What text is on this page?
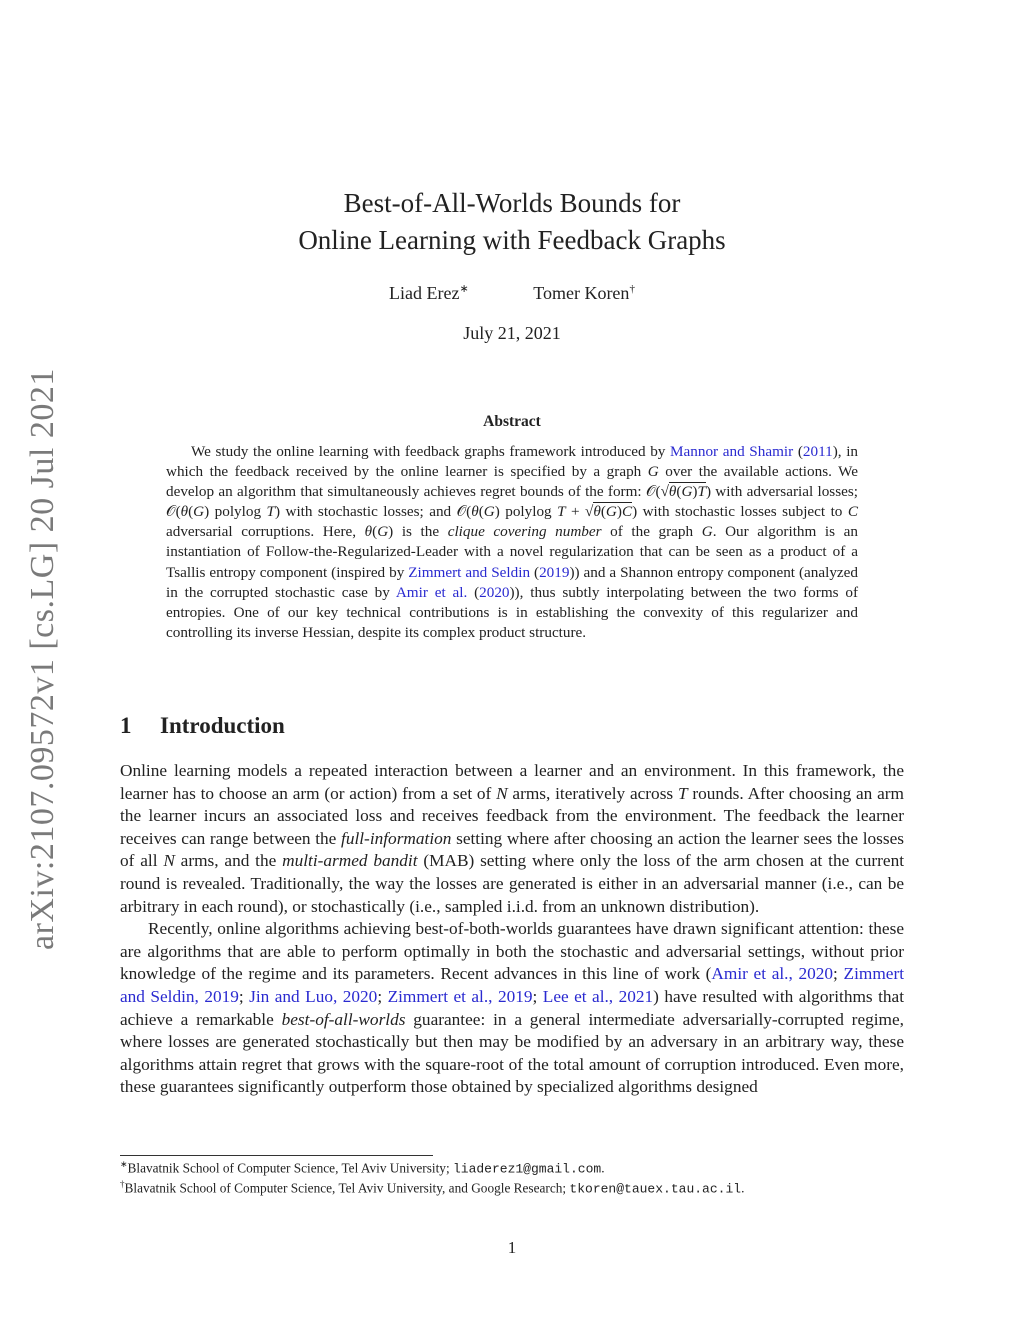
arXiv:2107.09572v1 [cs.LG] 20 Jul 2021
Best-of-All-Worlds Bounds for
Online Learning with Feedback Graphs
Liad Erez∗	Tomer Koren†
July 21, 2021
Abstract

We study the online learning with feedback graphs framework introduced by Mannor and Shamir (2011), in which the feedback received by the online learner is specified by a graph G over the available actions. We develop an algorithm that simultaneously achieves regret bounds of the form: 𝒪(√θ(G)T) with adversarial losses; 𝒪(θ(G) polylog T) with stochastic losses; and 𝒪(θ(G) polylog T + √θ(G)C) with stochastic losses subject to C adversarial corruptions. Here, θ(G) is the clique covering number of the graph G. Our algorithm is an instantiation of Follow-the-Regularized-Leader with a novel regularization that can be seen as a product of a Tsallis entropy component (inspired by Zimmert and Seldin (2019)) and a Shannon entropy component (analyzed in the corrupted stochastic case by Amir et al. (2020)), thus subtly interpolating between the two forms of entropies. One of our key technical contributions is in establishing the convexity of this regularizer and controlling its inverse Hessian, despite its complex product structure.

1 Introduction

Online learning models a repeated interaction between a learner and an environment. In this framework, the learner has to choose an arm (or action) from a set of N arms, iteratively across T rounds. After choosing an arm the learner incurs an associated loss and receives feedback from the environment. The feedback the learner receives can range between the full-information setting where after choosing an action the learner sees the losses of all N arms, and the multi-armed bandit (MAB) setting where only the loss of the arm chosen at the current round is revealed. Traditionally, the way the losses are generated is either in an adversarial manner (i.e., can be arbitrary in each round), or stochastically (i.e., sampled i.i.d. from an unknown distribution).

Recently, online algorithms achieving best-of-both-worlds guarantees have drawn significant attention: these are algorithms that are able to perform optimally in both the stochastic and adversarial settings, without prior knowledge of the regime and its parameters. Recent advances in this line of work (Amir et al., 2020; Zimmert and Seldin, 2019; Jin and Luo, 2020; Zimmert et al., 2019; Lee et al., 2021) have resulted with algorithms that achieve a remarkable best-of-all-worlds guarantee: in a general intermediate adversarially-corrupted regime, where losses are generated stochastically but then may be modified by an adversary in an arbitrary way, these algorithms attain regret that grows with the square-root of the total amount of corruption introduced. Even more, these guarantees significantly outperform those obtained by specialized algorithms designed

∗Blavatnik School of Computer Science, Tel Aviv University; liaderez1@gmail.com.
†Blavatnik School of Computer Science, Tel Aviv University, and Google Research; tkoren@tauex.tau.ac.il.
1
